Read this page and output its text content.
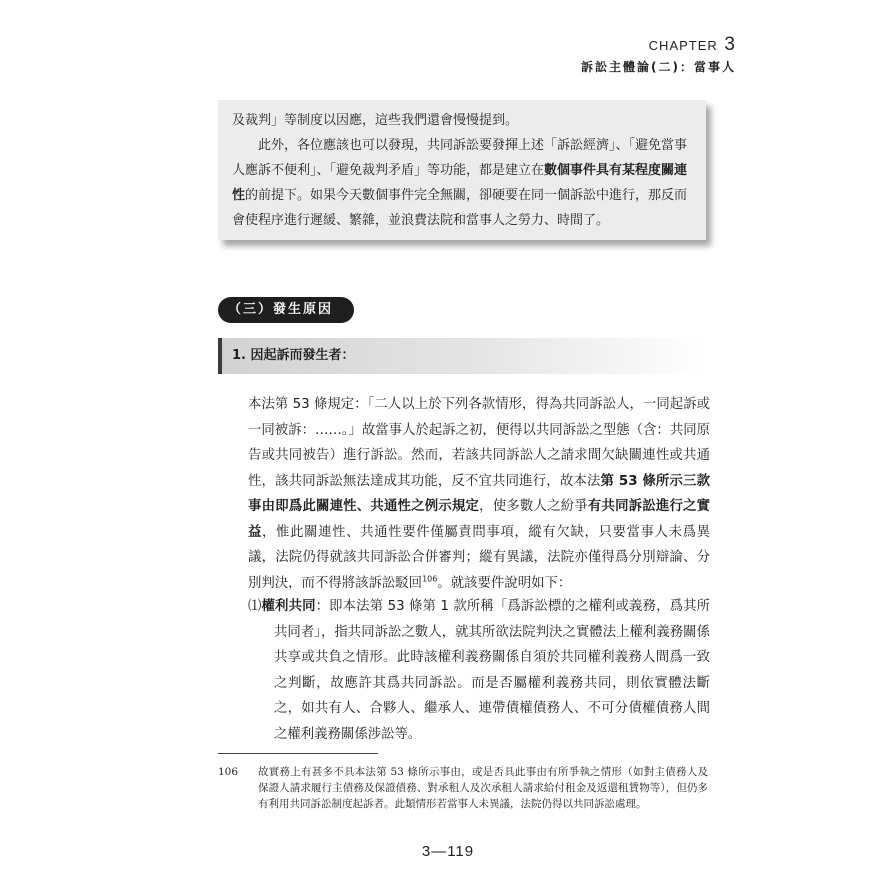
CHAPTER 3
訴訟主體論(二)：當事人

及裁判」等制度以因應，這些我們還會慢慢提到。

此外，各位應該也可以發現，共同訴訟要發揮上述「訴訟經濟」、「避免當事人應訴不便利」、「避免裁判矛盾」等功能，都是建立在數個事件具有某程度關連性的前提下。如果今天數個事件完全無關，卻硬要在同一個訴訟中進行，那反而會使程序進行遲緩、繁雜，並浪費法院和當事人之勞力、時間了。

（三）發生原因
1. 因起訴而發生者：

本法第 53 條規定：「二人以上於下列各款情形，得為共同訴訟人，一同起訴或一同被訴：……。」故當事人於起訴之初，便得以共同訴訟之型態（含：共同原告或共同被告）進行訴訟。然而，若該共同訴訟人之請求間欠缺關連性或共通性，該共同訴訟無法達成其功能，反不宜共同進行，故本法第 53 條所示三款事由即爲此關連性、共通性之例示規定，使多數人之紛爭有共同訴訟進行之實益，惟此關連性、共通性要件僅屬責問事項，縱有欠缺，只要當事人未爲異議，法院仍得就該共同訴訟合併審判；縱有異議，法院亦僅得爲分別辯論、分別判決，而不得將該訴訟駁回$^{106}$。就該要件說明如下：

⑴權利共同：即本法第 53 條第 1 款所稱「爲訴訟標的之權利或義務，爲其所共同者」，指共同訴訟之數人，就其所欲法院判決之實體法上權利義務關係共享或共負之情形。此時該權利義務關係自須於共同權利義務人間爲一致之判斷，故應許其爲共同訴訟。而是否屬權利義務共同，則依實體法斷之，如共有人、合夥人、繼承人、連帶債權債務人、不可分債權債務人間之權利義務關係涉訟等。

106 故實務上有甚多不具本法第 53 條所示事由，或是否具此事由有所爭執之情形（如對主債務人及保證人請求履行主債務及保證債務、對承租人及次承租人請求給付租金及返還租賃物等），但仍多有利用共同訴訟制度起訴者。此類情形若當事人未異議，法院仍得以共同訴訟處理。
3—119
